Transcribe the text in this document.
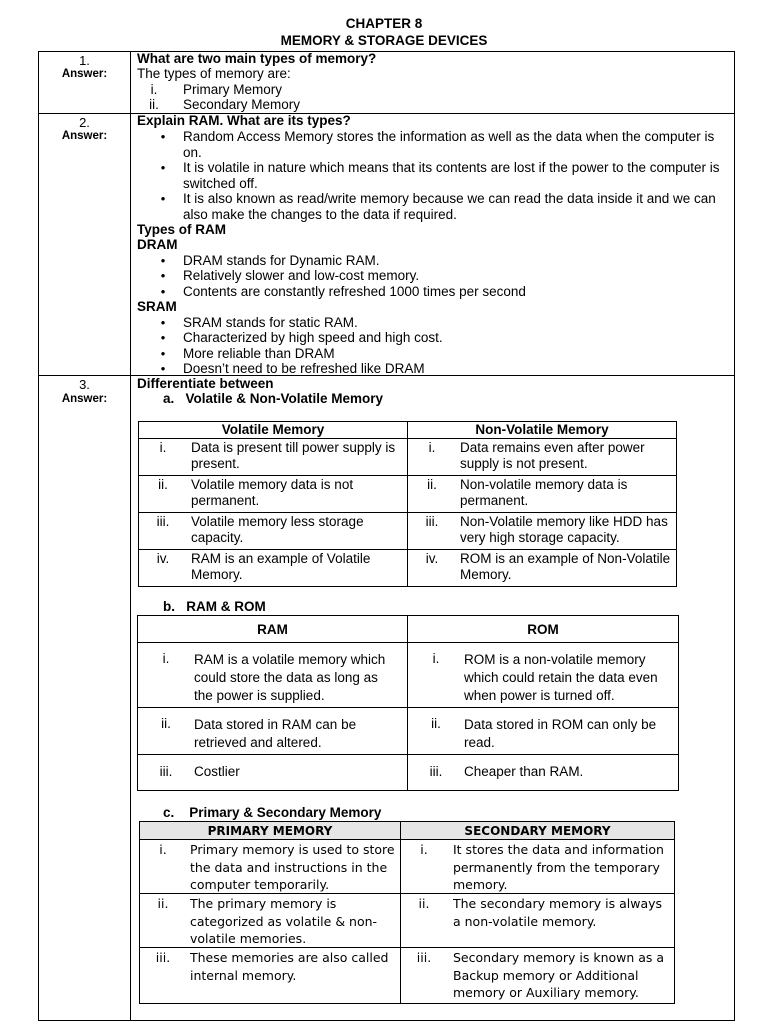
CHAPTER 8
MEMORY & STORAGE DEVICES
1.
Answer:
What are two main types of memory?
The types of memory are:
i.	Primary Memory
ii.	Secondary Memory
2.
Answer:
Explain RAM. What are its types?
•	Random Access Memory stores the information as well as the data when the computer is on.
•	It is volatile in nature which means that its contents are lost if the power to the computer is switched off.
•	It is also known as read/write memory because we can read the data inside it and we can also make the changes to the data if required.
Types of RAM
DRAM
•	DRAM stands for Dynamic RAM.
•	Relatively slower and low-cost memory.
•	Contents are constantly refreshed 1000 times per second
SRAM
•	SRAM stands for static RAM.
•	Characterized by high speed and high cost.
•	More reliable than DRAM
•	Doesn’t need to be refreshed like DRAM
3.
Answer:
Differentiate between
a.   Volatile & Non-Volatile Memory
Volatile Memory	Non-Volatile Memory

i. Data is present till power supply is present.	i. Data remains even after power supply is not present.

ii. Volatile memory data is not permanent.	ii. Non-volatile memory data is permanent.

iii. Volatile memory less storage capacity.	iii. Non-Volatile memory like HDD has very high storage capacity.

iv. RAM is an example of Volatile Memory.	iv. ROM is an example of Non-Volatile Memory.
b.   RAM & ROM
RAM	ROM

i. RAM is a volatile memory which could store the data as long as the power is supplied.	i. ROM is a non-volatile memory which could retain the data even when power is turned off.

ii. Data stored in RAM can be retrieved and altered.	ii. Data stored in ROM can only be read.

iii. Costlier	iii. Cheaper than RAM.
c.    Primary & Secondary Memory
PRIMARY MEMORY	SECONDARY MEMORY

i. Primary memory is used to store the data and instructions in the computer temporarily.	i. It stores the data and information permanently from the temporary memory.

ii. The primary memory is categorized as volatile & non-volatile memories.	ii. The secondary memory is always a non-volatile memory.

iii. These memories are also called internal memory.	iii. Secondary memory is known as a Backup memory or Additional memory or Auxiliary memory.
